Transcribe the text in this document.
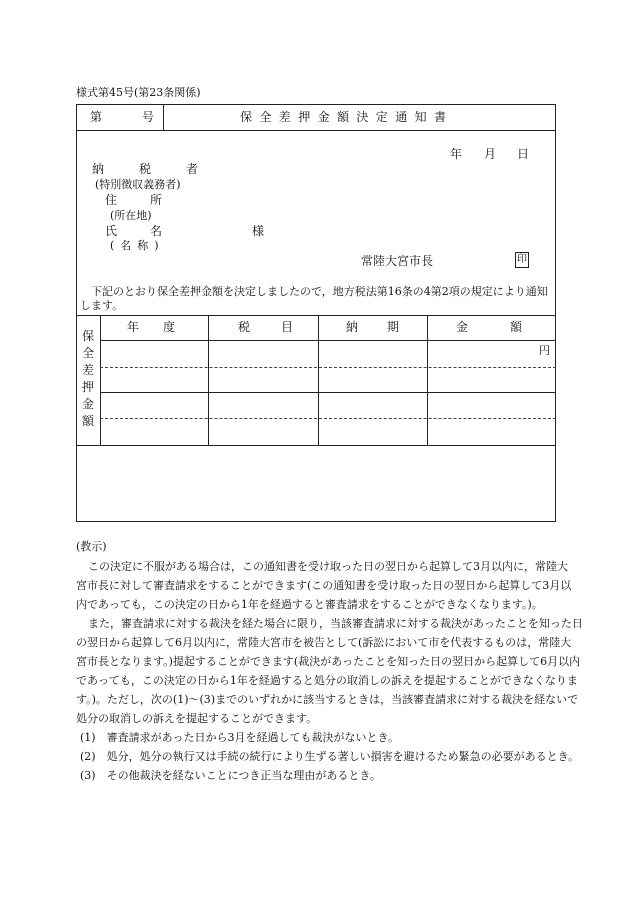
様式第45号(第23条関係)
第	号	保全差押金額決定通知書
年 月 日
納税者
(特別徴収義務者)
住所
(所在地)
氏名
(名称)
様
常陸大宮市長	印
下記のとおり保全差押金額を決定しましたので，地方税法第16条の4第2項の規定により通知
します。
保全差押金額
年度	税目 納期 金額
円
(教示)
この決定に不服がある場合は，この通知書を受け取った日の翌日から起算して3月以内に，常陸大
宮市長に対して審査請求をすることができます(この通知書を受け取った日の翌日から起算して3月以
内であっても，この決定の日から1年を経過すると審査請求をすることができなくなります。)。
また，審査請求に対する裁決を経た場合に限り，当該審査請求に対する裁決があったことを知った日
の翌日から起算して6月以内に，常陸大宮市を被告として(訴訟において市を代表するものは，常陸大
宮市長となります。)提起することができます(裁決があったことを知った日の翌日から起算して6月以内
であっても，この決定の日から1年を経過すると処分の取消しの訴えを提起することができなくなりま
す。)。ただし，次の(1)～(3)までのいずれかに該当するときは，当該審査請求に対する裁決を経ないで
処分の取消しの訴えを提起することができます。
(1)　審査請求があった日から3月を経過しても裁決がないとき。
(2)　処分，処分の執行又は手続の続行により生ずる著しい損害を避けるため緊急の必要があるとき。
(3)　その他裁決を経ないことにつき正当な理由があるとき。
